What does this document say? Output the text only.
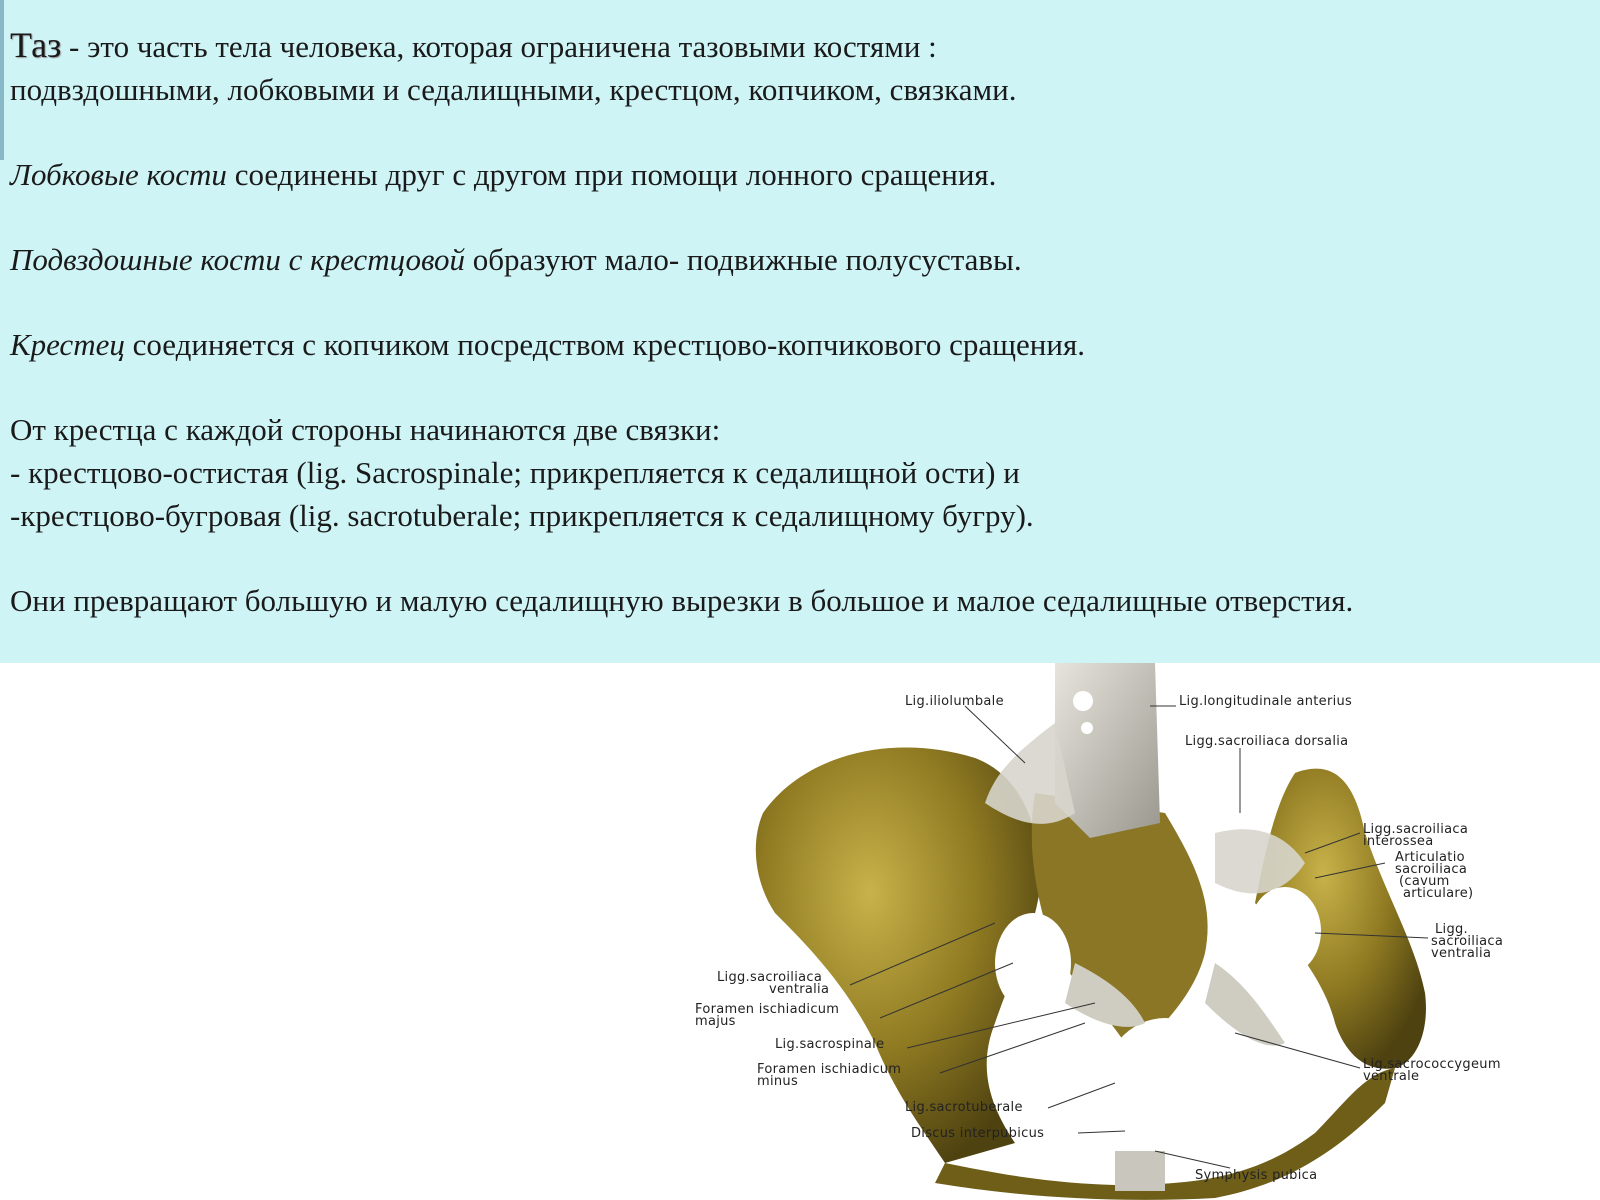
Таз - это часть тела человека, которая ограничена тазовыми костями :

подвздошными, лобковыми и седалищными, крестцом, копчиком, связками.

Лобковые кости соединены друг с другом при помощи лонного сращения.

Подвздошные кости с крестцовой образуют мало- подвижные полусуставы.

Крестец соединяется с копчиком посредством крестцово-копчикового сращения.

От крестца с каждой стороны начинаются две связки:

- крестцово-остистая (lig. Sacrospinale; прикрепляется к седалищной ости) и

-крестцово-бугровая (lig. sacrotuberale; прикрепляется к седалищному бугру).

Они превращают большую и малую седалищную вырезки в большое и малое седалищные отверстия.

Lig.iliolumbale	Lig.longitudinale anterius
Ligg.sacroiliaca dorsalia
Ligg.sacroiliaca
interossea
Articulatio
sacroiliaca
(cavum
articulare)
Ligg.
sacroiliaca
ventralia
Ligg.sacroiliaca
ventralia
Foramen ischiadicum
majus
Lig.sacrospinale
Foramen ischiadicum
minus
Lig.sacrococcygeum
ventrale
Lig.sacrotuberale
Discus interpubicus
Symphysis pubica
